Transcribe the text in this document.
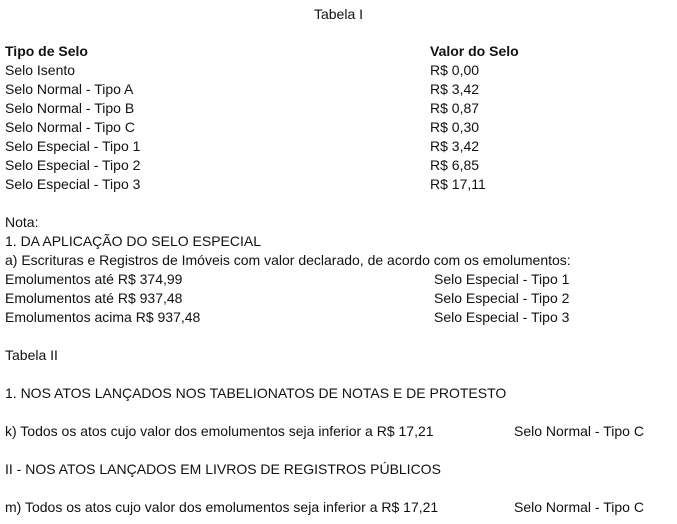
Tabela I
Tipo de Selo	Valor do Selo
Selo Isento	R$ 0,00
Selo Normal - Tipo A	R$ 3,42
Selo Normal - Tipo B	R$ 0,87
Selo Normal - Tipo C	R$ 0,30
Selo Especial - Tipo 1	R$ 3,42
Selo Especial - Tipo 2	R$ 6,85
Selo Especial - Tipo 3	R$ 17,11
Nota:
1. DA APLICAÇÃO DO SELO ESPECIAL
a) Escrituras e Registros de Imóveis com valor declarado, de acordo com os emolumentos:
Emolumentos até R$ 374,99	Selo Especial - Tipo 1
Emolumentos até R$ 937,48	Selo Especial - Tipo 2
Emolumentos acima R$ 937,48	Selo Especial - Tipo 3
Tabela II
1. NOS ATOS LANÇADOS NOS TABELIONATOS DE NOTAS E DE PROTESTO
k) Todos os atos cujo valor dos emolumentos seja inferior a R$ 17,21	Selo Normal - Tipo C
II - NOS ATOS LANÇADOS EM LIVROS DE REGISTROS PÚBLICOS
m) Todos os atos cujo valor dos emolumentos seja inferior a R$ 17,21	Selo Normal - Tipo C
